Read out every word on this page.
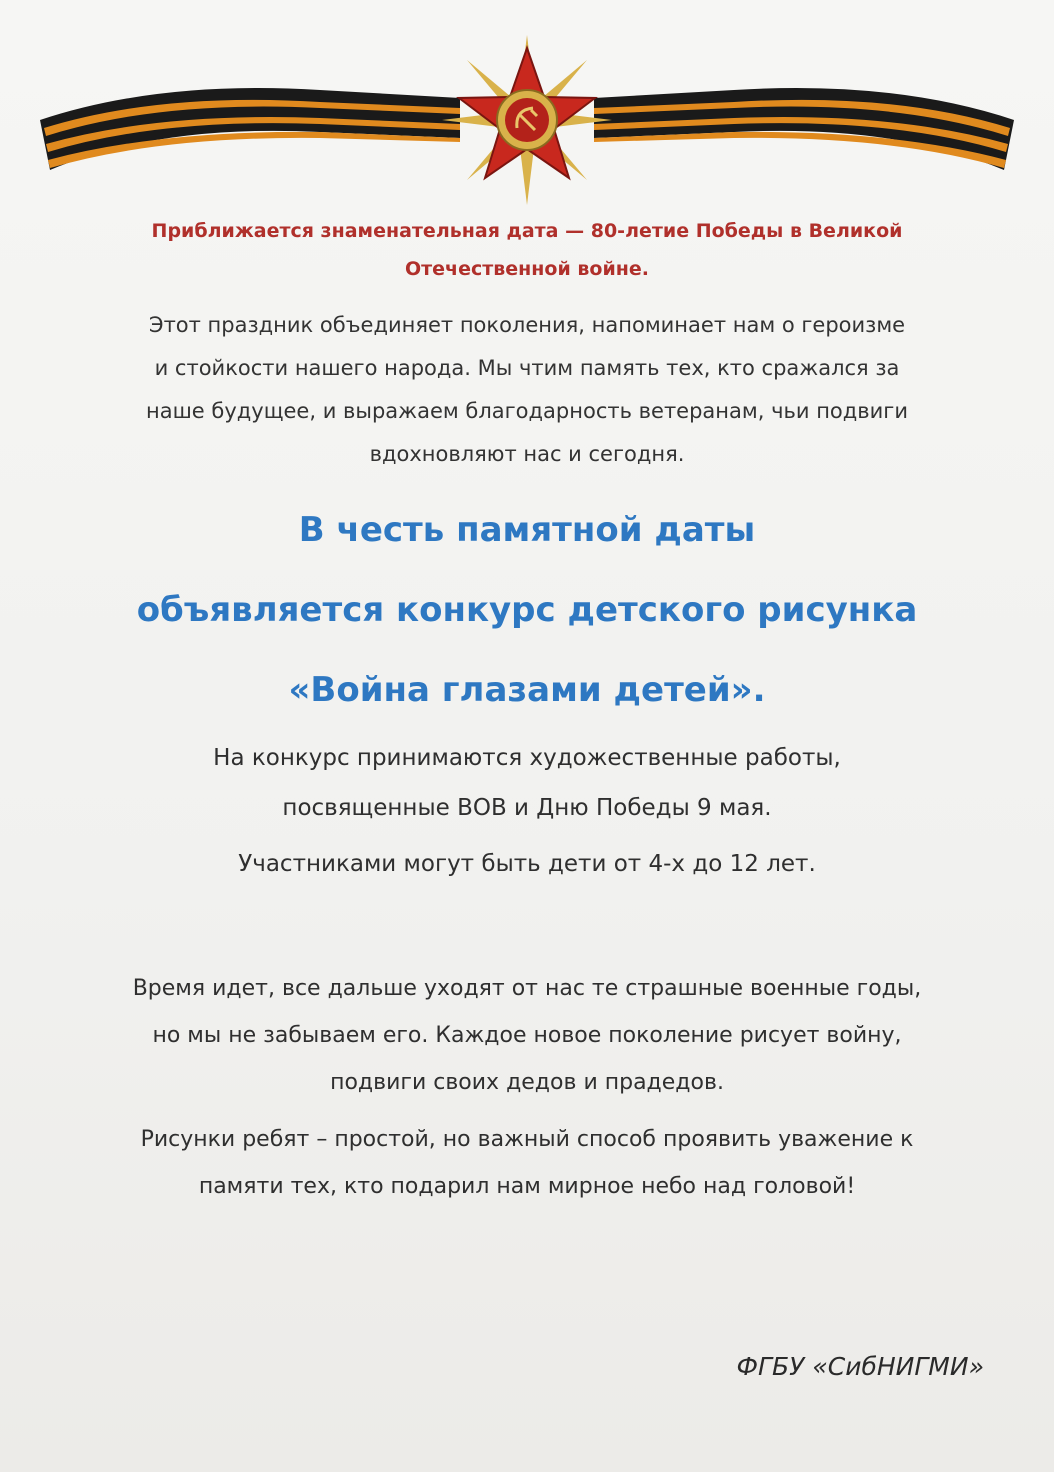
Приближается знаменательная дата — 80-летие Победы в Великой
Отечественной войне.
Этот праздник объединяет поколения, напоминает нам о героизме
и стойкости нашего народа. Мы чтим память тех, кто сражался за
наше будущее, и выражаем благодарность ветеранам, чьи подвиги
вдохновляют нас и сегодня.
В честь памятной даты
объявляется конкурс детского рисунка
«Война глазами детей».
На конкурс принимаются художественные работы,
посвященные ВОВ и Дню Победы 9 мая.
Участниками могут быть дети от 4-х до 12 лет.
Время идет, все дальше уходят от нас те страшные военные годы,
но мы не забываем его. Каждое новое поколение рисует войну,
подвиги своих дедов и прадедов.
Рисунки ребят – простой, но важный способ проявить уважение к
памяти тех, кто подарил нам мирное небо над головой!
ФГБУ «СибНИГМИ»
